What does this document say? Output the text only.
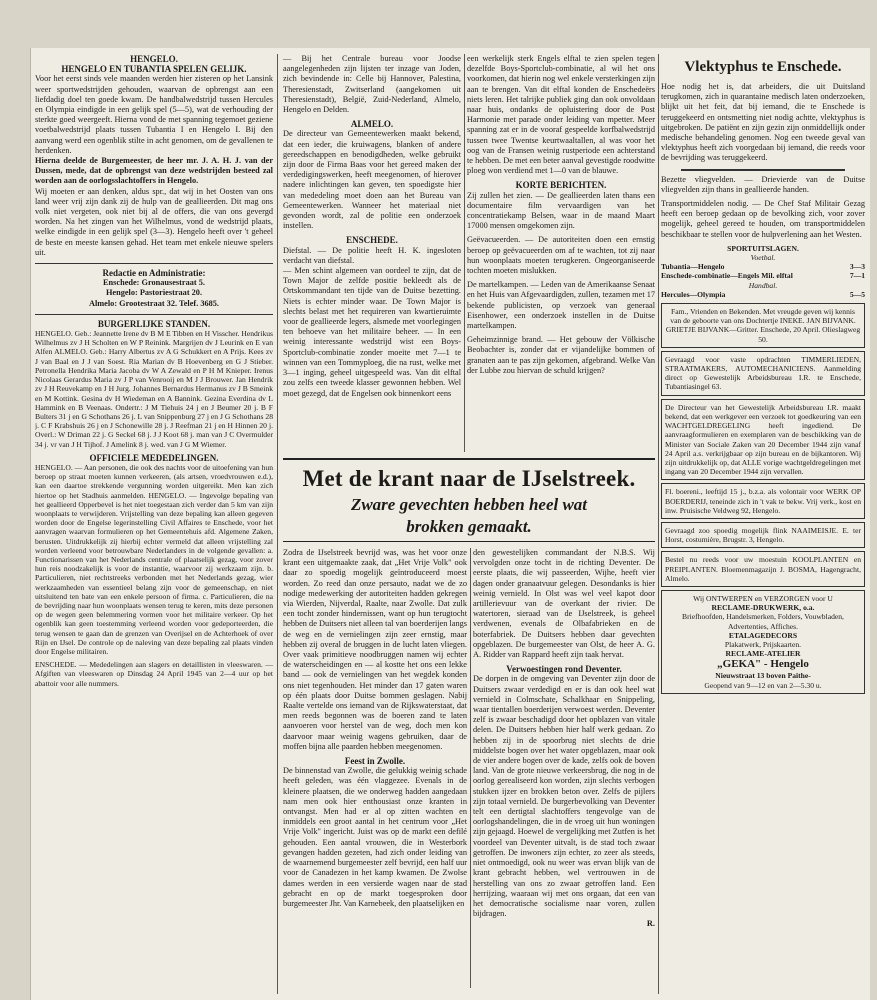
HENGELO.
HENGELO EN TUBANTIA SPELEN GELIJK.

Voor het eerst sinds vele maanden werden hier zisteren op het Lansink weer sportwedstrijden gehouden, waarvan de opbrengst aan een liefdadig doel ten goede kwam. De handbalwedstrijd tussen Hercules en Olympia eindigde in een gelijk spel (5—5), wat de verhouding der sterkte goed weergeeft. Hierna vond de met spanning tegemoet geziene voetbalwedstrijd plaats tussen Tubantia I en Hengelo I. Bij den aanvang werd een ogenblik stilte in acht genomen, om de gevallenen te herdenken.

Hierna deelde de Burgemeester, de heer mr. J. A. H. J. van der Dussen, mede, dat de opbrengst van deze wedstrijden besteed zal worden aan de oorlogsslachtoffers in Hengelo.

Wij moeten er aan denken, aldus spr., dat wij in het Oosten van ons land weer vrij zijn dank zij de hulp van de geallieerden. Dit mag ons volk niet vergeten, ook niet bij al de offers, die van ons gevergd worden. Na het zingen van het Wilhelmus, vond de wedstrijd plaats, welke eindigde in een gelijk spel (3—3). Hengelo heeft over 't geheel de beste en meeste kansen gehad. Het team met enkele nieuwe spelers uit.

Redactie en Administratie:
Enschede: Gronausestraat 5.
Hengelo: Pastoriestraat 20.
Almelo: Grootestraat 32. Telef. 3685.
BURGERLIJKE STANDEN.

HENGELO. Geb.: Jeannette Irene dv B M E Tibben en H Visscher. Hendrikus Wilhelmus zv J H Scholten en W P Reinink. Margrijen dv J Leurink en E van Alfen ALMELO. Geb.: Harry Albertus zv A G Schukkert en A Prijs. Kees zv J van Baal en J J van Soest. Ria Marian dv B Hoevenberg en G J Stieber. Petronella Hendrika Maria Jacoba dv W A Zewald en P H M Knieper. Irenus Nicolaas Gerardus Maria zv J P van Venrooij en M J J Brouwer. Jan Hendrik zv J H Reuvekamp en J H Jurg. Johannes Bernardus Hermanus zv J B Smeink en M Kottink. Gesina dv H Wiedeman en A Bannink. Gezina Everdina dv L Hammink en B Veenaas. Ondertr.: J M Tiehuis 24 j en J Beumer 20 j. B F Bulters 31 j en G Schothans 26 j. L van Snippenburg 27 j en J G Schothans 28 j. C F Krabshuis 26 j en J Schonewille 28 j. J Reefman 21 j en H Hinnen 20 j. Overl.: W Driman 22 j. G Seckel 68 j. J J Koot 68 j. man van J C Overmulder 34 j. vr van J H Tijhof. J Amelink 8 j. wed. van J G M Wiemer.

OFFICIELE MEDEDELINGEN.

HENGELO. — Aan personen, die ook des nachts voor de uitoefening van hun beroep op straat moeten kunnen verkeeren, (als artsen, vroedvrouwen e.d.), kan een daartoe strekkende vergunning worden uitgereikt. Men kan zich hiertoe op het Stadhuis aanmelden. HENGELO. — Ingevolge bepaling van het geallieerd Opperbevel is het niet toegestaan zich verder dan 5 km van zijn woonplaats te verwijderen. Vrijstelling van deze bepaling kan alleen gegeven worden door de Engelse legerinstelling Civil Affaires te Enschede, voor het aanvragen waarvan formulieren op het Gemeentehuis afd. Algemene Zaken, berusten. Uitdrukkelijk zij hierbij echter vermeld dat alleen vrijstelling zal worden verleend voor betrouwbare Nederlanders in de volgende gevallen: a. Functionarissen van het Nederlands centrale of plaatselijk gezag, voor zover hun reis noodzakelijk is voor de instantie, waarvoor zij werkzaam zijn. b. Particulieren, niet rechtstreeks verbonden met het Nederlands gezag, wier werkzaamheden van essentieel belang zijn voor de gemeenschap, en niet uitsluitend ten bate van een enkele persoon of firma. c. Particulieren, die na de bevrijding naar hun woonplaats wensen terug te keren, mits deze personen op de wegen geen belemmering vormen voor het militaire verkeer. Op het ogenblik kan geen toestemming verleend worden voor gedeporteerden, die terug wensen te gaan dan de grenzen van Overijsel en de Achterhoek of over Rijn en IJsel. De controle op de naleving van deze bepaling zal plaats vinden door Engelse militairen.

ENSCHEDE. — Mededelingen aan slagers en detaillisten in vleeswaren. — Afgiften van vleeswaren op Dinsdag 24 April 1945 van 2—4 uur op het abattoir voor alle nummers.

— Bij het Centrale bureau voor Joodse aangelegenheden zijn lijsten ter inzage van Joden, zich bevindende in: Celle bij Hannover, Palestina, Theresienstadt, Zwitserland (aangekomen uit Theresienstadt), België, Zuid-Nederland, Almelo, Hengelo en Delden.

ALMELO.

De directeur van Gemeentewerken maakt bekend, dat een ieder, die kruiwagens, blanken of andere gereedschappen en benodigdheden, welke gebruikt zijn door de Firma Baas voor het gereed maken der verdedigingswerken, heeft meegenomen, of hierover nadere inlichtingen kan geven, ten spoedigste hier van mededeling moet doen aan het Bureau van Gemeentewerken. Wanneer het materiaal niet gevonden wordt, zal de politie een onderzoek instellen.

ENSCHEDE.

Diefstal. — De politie heeft H. K. ingesloten verdacht van diefstal.

— Men schint algemeen van oordeel te zijn, dat de Town Major de zelfde positie bekleedt als de Ortskommandant ten tijde van de Duitse bezetting. Niets is echter minder waar. De Town Major is slechts belast met het requireren van kwartieruimte voor de geallieerde legers, alsmede met voorlegingen ten behoeve van het militaire beheer. — In een weinig interessante wedstrijd wist een Boys-Sportclub-combinatie zonder moeite met 7—1 te winnen van een Tommyploeg, die na rust, welke met 3—1 inging, geheel uitgespeeld was. Van dit elftal zou zelfs een tweede klasser gewonnen hebben. Wel moet gezegd, dat de Engelsen ook binnenkort eens

een werkelijk sterk Engels elftal te zien spelen tegen dezelfde Boys-Sportclub-combinatie, al wil het ons voorkomen, dat hierin nog wel enkele versterkingen zijn aan te brengen. Van dit elftal konden de Enschedeërs niets leren. Het talrijke publiek ging dan ook onvoldaan naar huis, ondanks de opluistering door de Post Harmonie met parade onder leiding van mpetter. Meer spanning zat er in de vooraf gespeelde korfbalwedstrijd tussen twee Twentse keurtwaaltallen, al was voor het oog van de Fransen weinig rustperiode een achterstand te hebben. De met een beter aanval gevestigde roodwitte ploeg won verdiend met 1—0 van de blauwe.

KORTE BERICHTEN.

Zij zullen het zien. — De geallieerden laten thans een documentaire film vervaardigen van het concentratiekamp Belsen, waar in de maand Maart 17000 mensen omgekomen zijn.

Geëvacueerden. — De autoriteiten doen een ernstig beroep op geëvacueerden om af te wachten, tot zij naar hun woonplaats moeten terugkeren. Ongeorganiseerde tochten moeten mislukken.

De martelkampen. — Leden van de Amerikaanse Senaat en het Huis van Afgevaardigden, zullen, tezamen met 17 bekende publicisten, op verzoek van generaal Eisenhower, een onderzoek instellen in de Duitse martelkampen.

Geheimzinnige brand. — Het gebouw der Völkische Beobachter is, zonder dat er vijandelijke bommen of granaten aan te pas zijn gekomen, afgebrand. Welke Van der Lubbe zou hiervan de schuld krijgen?

Met de krant naar de IJselstreek.
Zware gevechten hebben heel wat
brokken gemaakt.

Zodra de IJselstreek bevrijd was, was het voor onze krant een uitgemaakte zaak, dat „Het Vrije Volk" ook daar zo spoedig mogelijk geïntroduceerd moest worden. Zo reed dan onze persauto, nadat we de zo nodige medewerking der autoriteiten hadden gekregen via Wierden, Nijverdal, Raalte, naar Zwolle. Dat zulk een tocht zonder hindernissen, want op hun terugtocht hebben de Duitsers niet alleen tal van boerderijen langs de weg en de vernielingen zijn zeer ernstig, maar hebben zij overal de bruggen in de lucht laten vliegen. Over vaak primitieve noodbruggen namen wij echter de waterscheidingen en — al kostte het ons een lekke band — ook de vernielingen van het wegdek konden ons niet tegenhouden. Het minder dan 17 gaten waren op één plaats door Duitse bommen geslagen. Nabij Raalte vertelde ons iemand van de Rijkswaterstaat, dat men reeds begonnen was de boeren zand te laten aanvoeren voor herstel van de weg, doch men kon daarvoor maar weinig wagens gebruiken, daar de moffen bijna alle paarden hebben meegenomen.

Feest in Zwolle.

De binnenstad van Zwolle, die gelukkig weinig schade heeft geleden, was één vlaggezee. Evenals in de kleinere plaatsen, die we onderweg hadden aangedaan nam men ook hier enthousiast onze kranten in ontvangst. Men had er al op zitten wachten en inmiddels een groot aantal in het centrum voor „Het Vrije Volk" ingericht. Juist was op de markt een defilé gehouden. Een aantal vrouwen, die in Westerbork gevangen hadden gezeten, had zich onder leiding van de waarnemend burgemeester zelf bevrijd, een half uur voor de Canadezen in het kamp kwamen. De Zwolse dames werden in een versierde wagen naar de stad gebracht en op de markt toegesproken door burgemeester Jhr. Van Karnebeek, den plaatselijken en

den gewestelijken commandant der N.B.S. Wij vervolgden onze tocht in de richting Deventer. De eerste plaats, die wij passeerden, Wijhe, heeft vier dagen onder granaatvuur gelegen. Desondanks is hier weinig vernield. In Olst was wel veel kapot door artillerievuur van de overkant der rivier. De watertoren, sieraad van de IJselstreek, is geheel verdwenen, evenals de Olbafabrieken en de boterfabriek. De Duitsers hebben daar gevechten opgeblazen. De burgemeester van Olst, de heer A. G. A. Ridder van Rappard heeft zijn taak hervat.

Verwoestingen rond Deventer.

De dorpen in de omgeving van Deventer zijn door de Duitsers zwaar verdedigd en er is dan ook heel wat vernield in Colmschate, Schalkhaar en Snippeling, waar tientallen boerderijen verwoest werden. Deventer zelf is zwaar beschadigd door het opblazen van vitale delen. De Duitsers hebben hier half werk gedaan. Zo hebben zij in de spoorbrug niet slechts de drie middelste bogen over het water opgeblazen, maar ook de vier andere bogen over de kade, zelfs ook de boven land. Van de grote nieuwe verkeersbrug, die nog in de oorlog gerealiseerd kon worden, zijn slechts verbogen stukken ijzer en brokken beton over. Zelfs de pijlers zijn totaal vernield. De burgerbevolking van Deventer telt een dertigtal slachtoffers tengevolge van de oorlogshandelingen, die in de vroeg uit hun woningen zijn gejaagd. Hoewel de vergelijking met Zutfen is het voordeel van Deventer uitvalt, is de stad toch zwaar getroffen. De inwoners zijn echter, zo zeer als steeds, niet ontmoedigd, ook nu weer was ervan blijk van de krant gebracht hebben, wel vertrouwen in de herstelling van ons zo zwaar getroffen land. Een herrijzing, waaraan wij met ons orgaan, dat een van het democratische socialisme naar voren, zullen bijdragen.

R.
Vlektyphus te Enschede.

Hoe nodig het is, dat arbeiders, die uit Duitsland terugkomen, zich in quarantaine medisch laten onderzoeken, blijkt uit het feit, dat bij iemand, die te Enschede is teruggekeerd en ontsmetting niet nodig achtte, vlektyphus is uitgebroken. De patiënt en zijn gezin zijn onmiddellijk onder medische behandeling genomen. Nog een tweede geval van vlektyphus heeft zich voorgedaan bij iemand, die reeds voor de bevrijding was teruggekeerd.

Bezette vliegvelden. — Drievierde van de Duitse vliegvelden zijn thans in geallieerde handen.

Transportmiddelen nodig. — De Chef Staf Militair Gezag heeft een beroep gedaan op de bevolking zich, voor zover mogelijk, geheel gereed te houden, om transportmiddelen beschikbaar te stellen voor de hulpverlening aan het Westen.

SPORTUITSLAGEN.
Voetbal.
Tubantia—Hengelo	3—3
Enschede-combinatie—Engels Mil. elftal	7—1
Handbal.
Hercules—Olympia	5—5
Fam., Vrienden en Bekenden. Met vreugde geven wij kennis van de geboorte van ons Dochtertje INEKE. JAN BIJVANK. GRIETJE BIJVANK—Gritter. Enschede, 20 April. Olieslagweg 50.
Gevraagd voor vaste opdrachten TIMMERLIEDEN, STRAATMAKERS, AUTOMECHANICIENS. Aanmelding direct op Gewestelijk Arbeidsbureau I.R. te Enschede, Tubantiasingel 63.
De Directeur van het Gewestelijk Arbeidsbureau I.R. maakt bekend, dat een werkgever een verzoek tot goedkeuring van een WACHTGELDREGELING heeft ingediend. De aanvraagformulieren en exemplaren van de beschikking van de Minister van Sociale Zaken van 20 December 1944 zijn vanaf 24 April a.s. verkrijgbaar op zijn bureau en de bijkantoren. Wij zijn uitdrukkelijk op, dat ALLE vorige wachtgeldregelingen met ingang van 20 December 1944 zijn vervallen.
Fl. boereni., leeftijd 15 j., b.z.a. als volontair voor WERK OP BOERDERIJ, teneinde zich in 't vak te bekw. Vrij verk., kost en inw. Pruisische Veldweg 92, Hengelo.
Gevraagd zoo spoedig mogelijk flink NAAIMEISJE. E. ter Horst, costumière, Brugstr. 3, Hengelo.
Bestel nu reeds voor uw moestuin KOOLPLANTEN en PREIPLANTEN. Bloemenmagazijn J. BOSMA, Hagengracht, Almelo.
Wij ONTWERPEN en VERZORGEN voor U
RECLAME-DRUKWERK, o.a.
Briefhoofden, Handelsmerken, Folders, Vouwbladen, Advertenties, Affiches.
ETALAGEDECORS
Plakatwerk, Prijskaarten.
RECLAME-ATELIER
„GEKA" - Hengelo
Nieuwstraat 13 boven Paithe-
Geopend van 9—12 en van 2—5.30 u.
